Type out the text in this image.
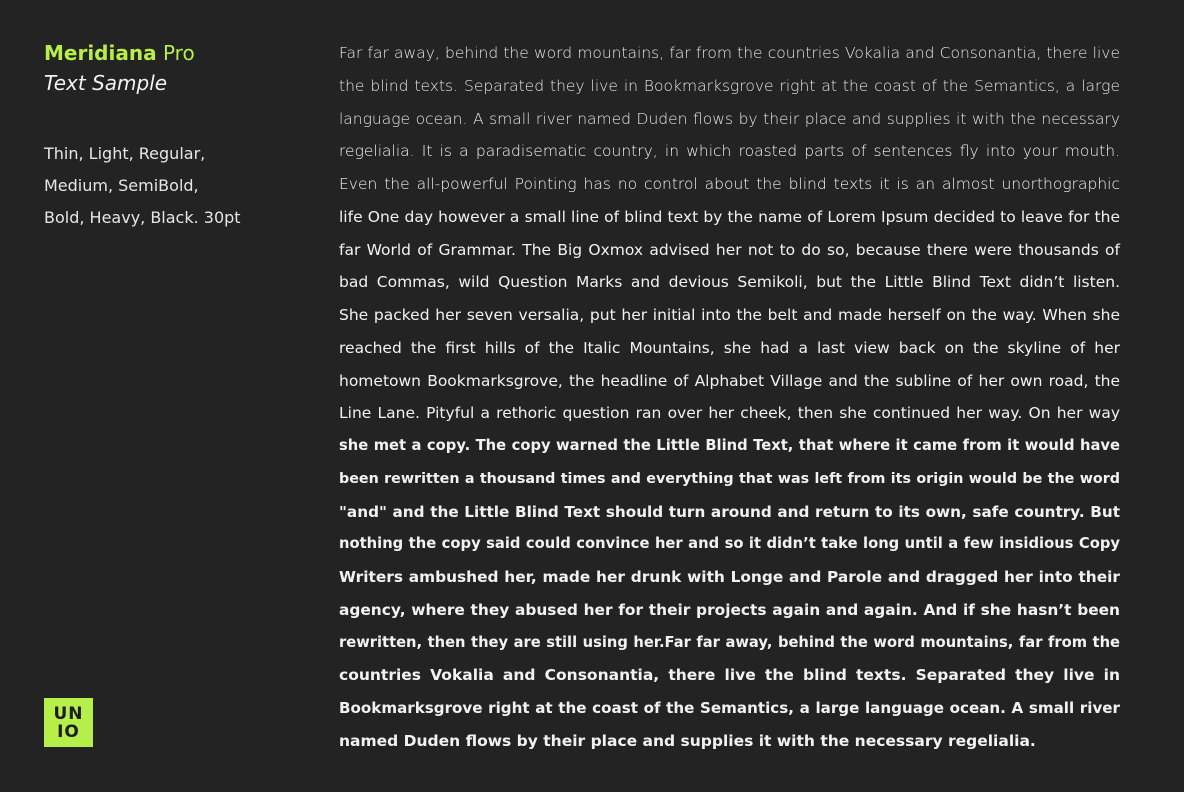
Meridiana Pro

Text Sample

Thin, Light, Regular,
Medium, SemiBold,
Bold, Heavy, Black. 30pt
UN
IO
Far far away, behind the word mountains, far from the countries Vokalia and Consonantia, there live
the blind texts. Separated they live in Bookmarksgrove right at the coast of the Semantics, a large
language ocean. A small river named Duden flows by their place and supplies it with the necessary
regelialia. It is a paradisematic country, in which roasted parts of sentences fly into your mouth.
Even the all-powerful Pointing has no control about the blind texts it is an almost unorthographic
life One day however a small line of blind text by the name of Lorem Ipsum decided to leave for the
far World of Grammar. The Big Oxmox advised her not to do so, because there were thousands of
bad Commas, wild Question Marks and devious Semikoli, but the Little Blind Text didn’t listen.
She packed her seven versalia, put her initial into the belt and made herself on the way. When she
reached the first hills of the Italic Mountains, she had a last view back on the skyline of her
hometown Bookmarksgrove, the headline of Alphabet Village and the subline of her own road, the
Line Lane. Pityful a rethoric question ran over her cheek, then she continued her way. On her way
she met a copy. The copy warned the Little Blind Text, that where it came from it would have
been rewritten a thousand times and everything that was left from its origin would be the word
"and" and the Little Blind Text should turn around and return to its own, safe country. But
nothing the copy said could convince her and so it didn’t take long until a few insidious Copy
Writers ambushed her, made her drunk with Longe and Parole and dragged her into their
agency, where they abused her for their projects again and again. And if she hasn’t been
rewritten, then they are still using her.Far far away, behind the word mountains, far from the
countries Vokalia and Consonantia, there live the blind texts. Separated they live in
Bookmarksgrove right at the coast of the Semantics, a large language ocean. A small river
named Duden flows by their place and supplies it with the necessary regelialia.
